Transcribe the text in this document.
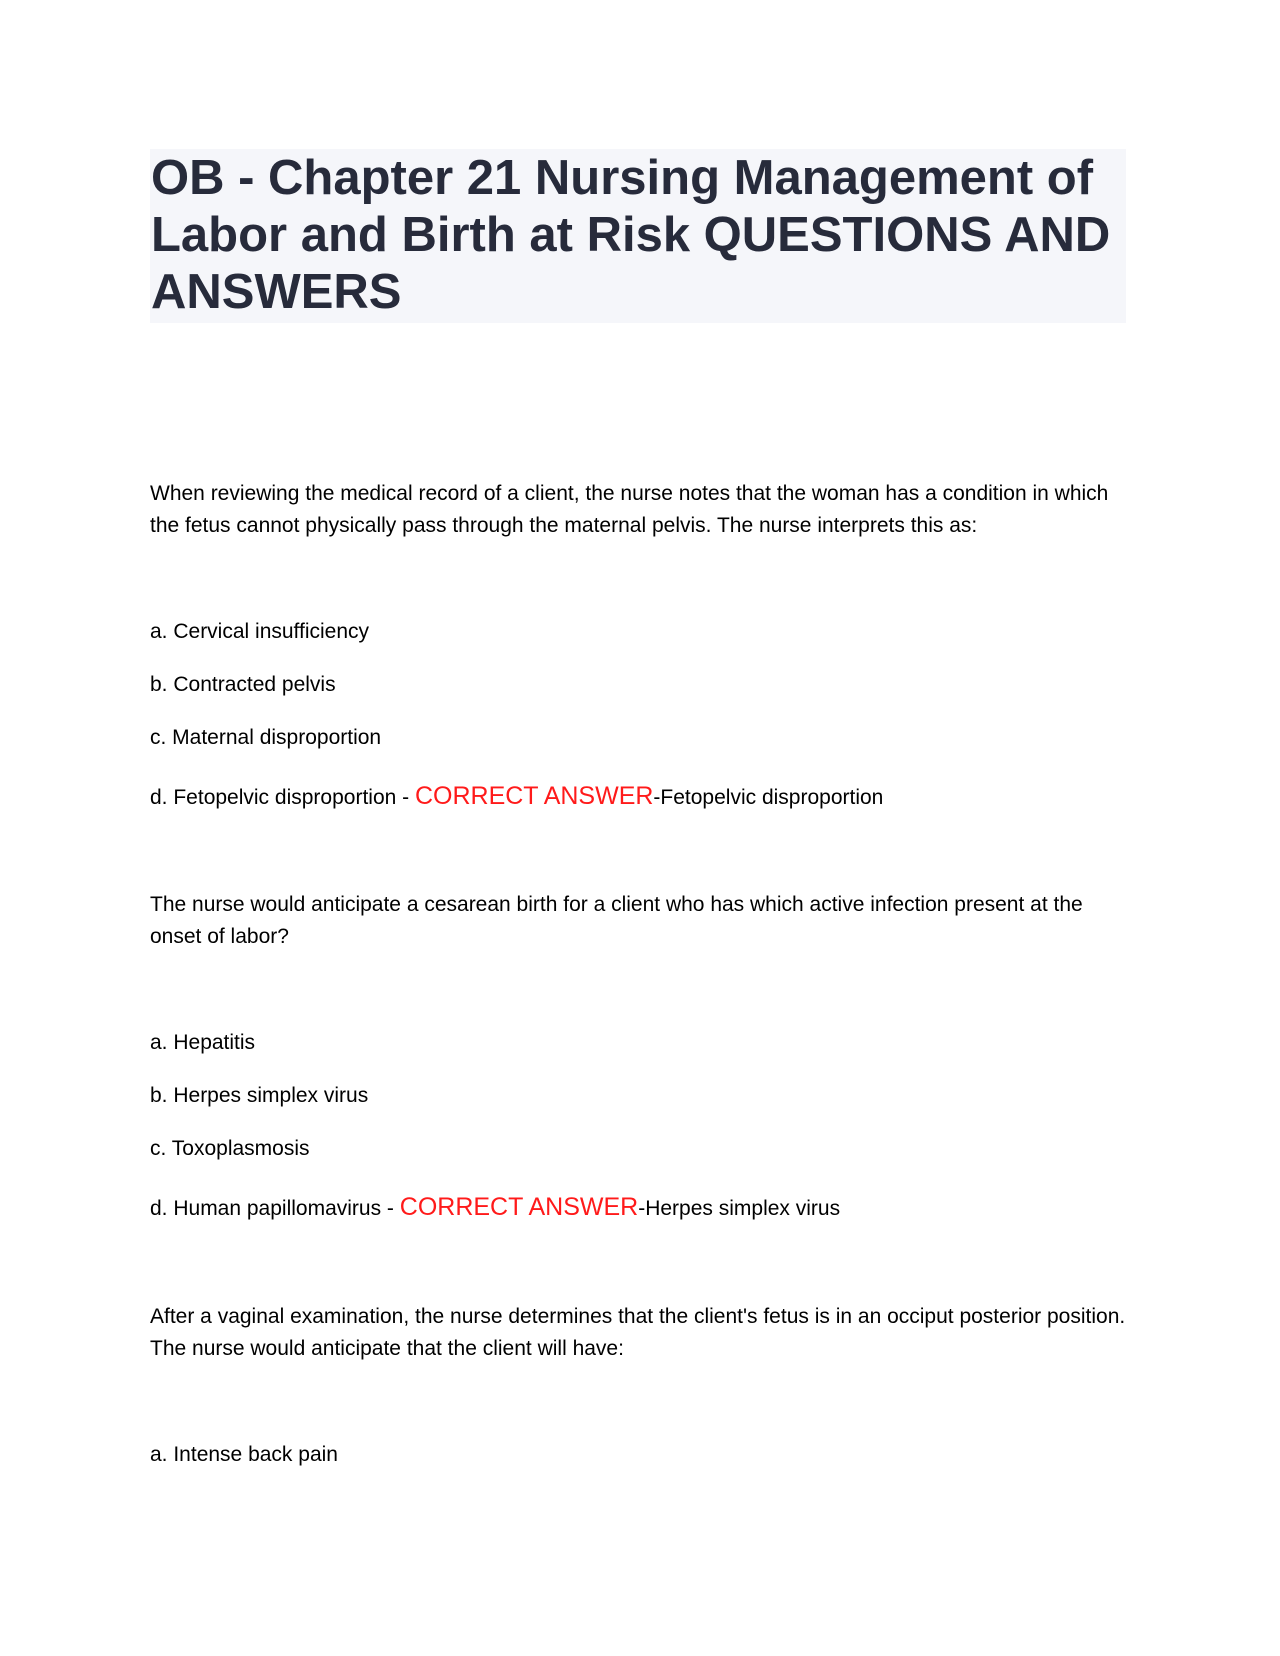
OB - Chapter 21 Nursing Management of Labor and Birth at Risk QUESTIONS AND ANSWERS

When reviewing the medical record of a client, the nurse notes that the woman has a condition in which the fetus cannot physically pass through the maternal pelvis. The nurse interprets this as:

a. Cervical insufficiency

b. Contracted pelvis

c. Maternal disproportion

d. Fetopelvic disproportion - CORRECT ANSWER-Fetopelvic disproportion

The nurse would anticipate a cesarean birth for a client who has which active infection present at the onset of labor?

a. Hepatitis

b. Herpes simplex virus

c. Toxoplasmosis

d. Human papillomavirus - CORRECT ANSWER-Herpes simplex virus

After a vaginal examination, the nurse determines that the client's fetus is in an occiput posterior position. The nurse would anticipate that the client will have:

a. Intense back pain
